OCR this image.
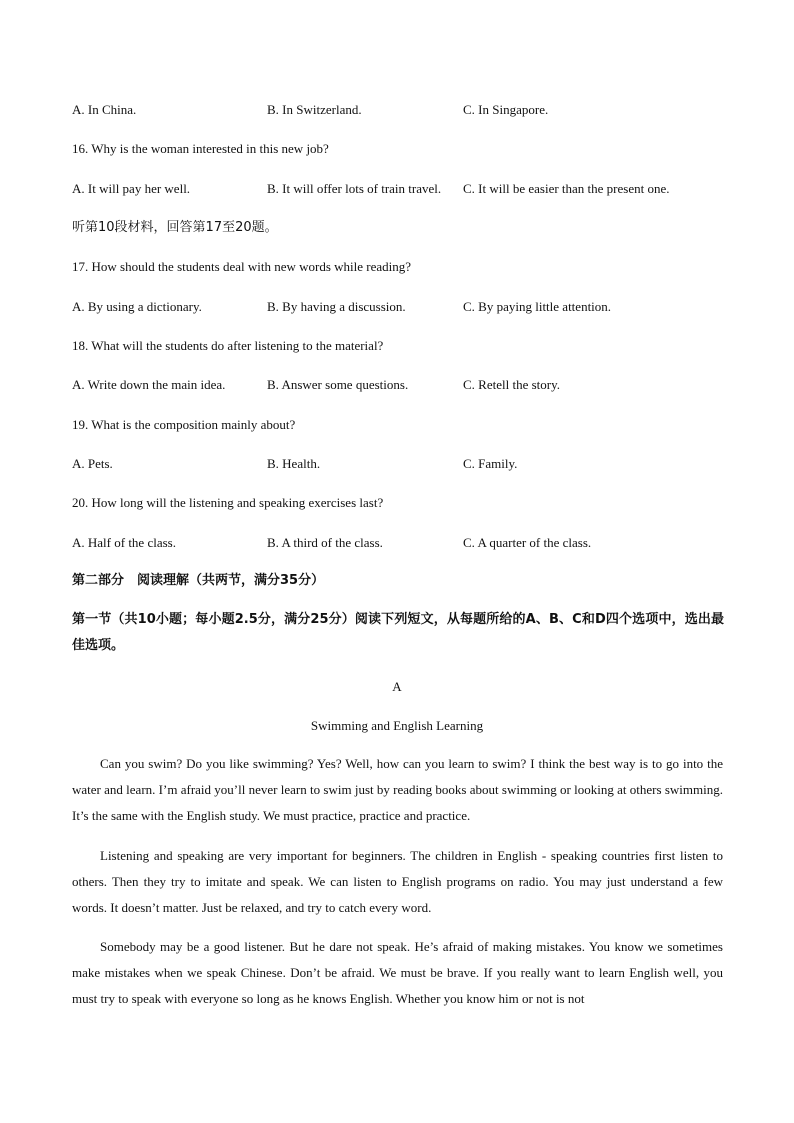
A. In China.	B. In Switzerland.	C. In Singapore.
16. Why is the woman interested in this new job?
A. It will pay her well.	B. It will offer lots of train travel. C. It will be easier than the present one.
听第10段材料，回答第17至20题。
17. How should the students deal with new words while reading?
A. By using a dictionary.	B. By having a discussion.	C. By paying little attention.
18. What will the students do after listening to the material?
A. Write down the main idea.	B. Answer some questions.	C. Retell the story.
19. What is the composition mainly about?
A. Pets.	B. Health.	C. Family.
20. How long will the listening and speaking exercises last?
A. Half of the class.	B. A third of the class.	C. A quarter of the class.
第二部分　阅读理解（共两节，满分35分）
第一节（共10小题；每小题2.5分，满分25分）阅读下列短文，从每题所给的A、B、C和D四个选项中，选出最佳选项。
A
Swimming and English Learning
Can you swim? Do you like swimming? Yes? Well, how can you learn to swim? I think the best way is to go into the water and learn. I’m afraid you’ll never learn to swim just by reading books about swimming or looking at others swimming. It’s the same with the English study. We must practice, practice and practice.
Listening and speaking are very important for beginners. The children in English - speaking countries first listen to others. Then they try to imitate and speak. We can listen to English programs on radio. You may just understand a few words. It doesn’t matter. Just be relaxed, and try to catch every word.
Somebody may be a good listener. But he dare not speak. He’s afraid of making mistakes. You know we sometimes make mistakes when we speak Chinese. Don’t be afraid. We must be brave. If you really want to learn English well, you must try to speak with everyone so long as he knows English. Whether you know him or not is not
